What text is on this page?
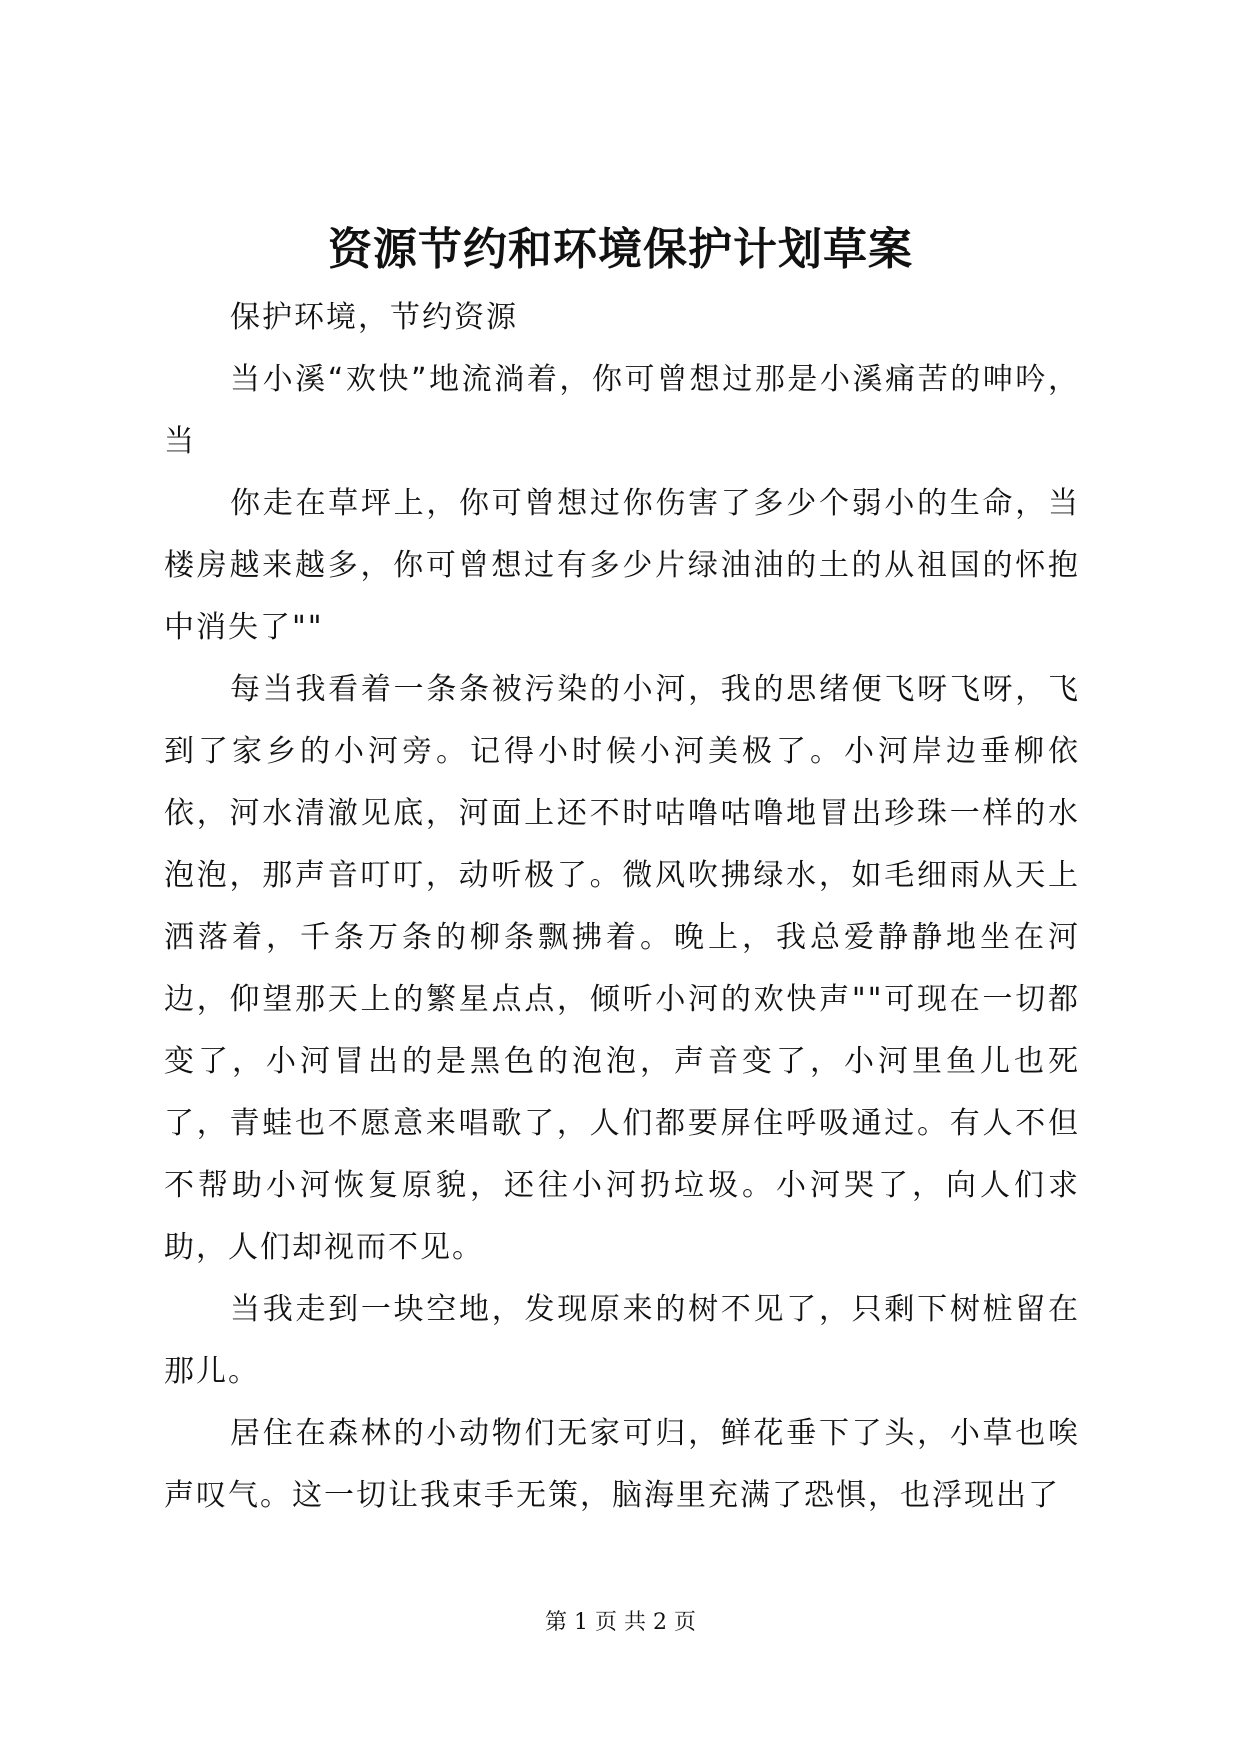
资源节约和环境保护计划草案

保护环境，节约资源

当小溪“欢快”地流淌着，你可曾想过那是小溪痛苦的呻吟，当

你走在草坪上，你可曾想过你伤害了多少个弱小的生命，当楼房越来越多，你可曾想过有多少片绿油油的土的从祖国的怀抱中消失了""

每当我看着一条条被污染的小河，我的思绪便飞呀飞呀，飞到了家乡的小河旁。记得小时候小河美极了。小河岸边垂柳依依，河水清澈见底，河面上还不时咕噜咕噜地冒出珍珠一样的水泡泡，那声音叮叮，动听极了。微风吹拂绿水，如毛细雨从天上洒落着，千条万条的柳条飘拂着。晚上，我总爱静静地坐在河边，仰望那天上的繁星点点，倾听小河的欢快声""可现在一切都变了，小河冒出的是黑色的泡泡，声音变了，小河里鱼儿也死了，青蛙也不愿意来唱歌了，人们都要屏住呼吸通过。有人不但不帮助小河恢复原貌，还往小河扔垃圾。小河哭了，向人们求助，人们却视而不见。

当我走到一块空地，发现原来的树不见了，只剩下树桩留在那儿。

居住在森林的小动物们无家可归，鲜花垂下了头，小草也唉声叹气。这一切让我束手无策，脑海里充满了恐惧，也浮现出了

第 1 页 共 2 页
